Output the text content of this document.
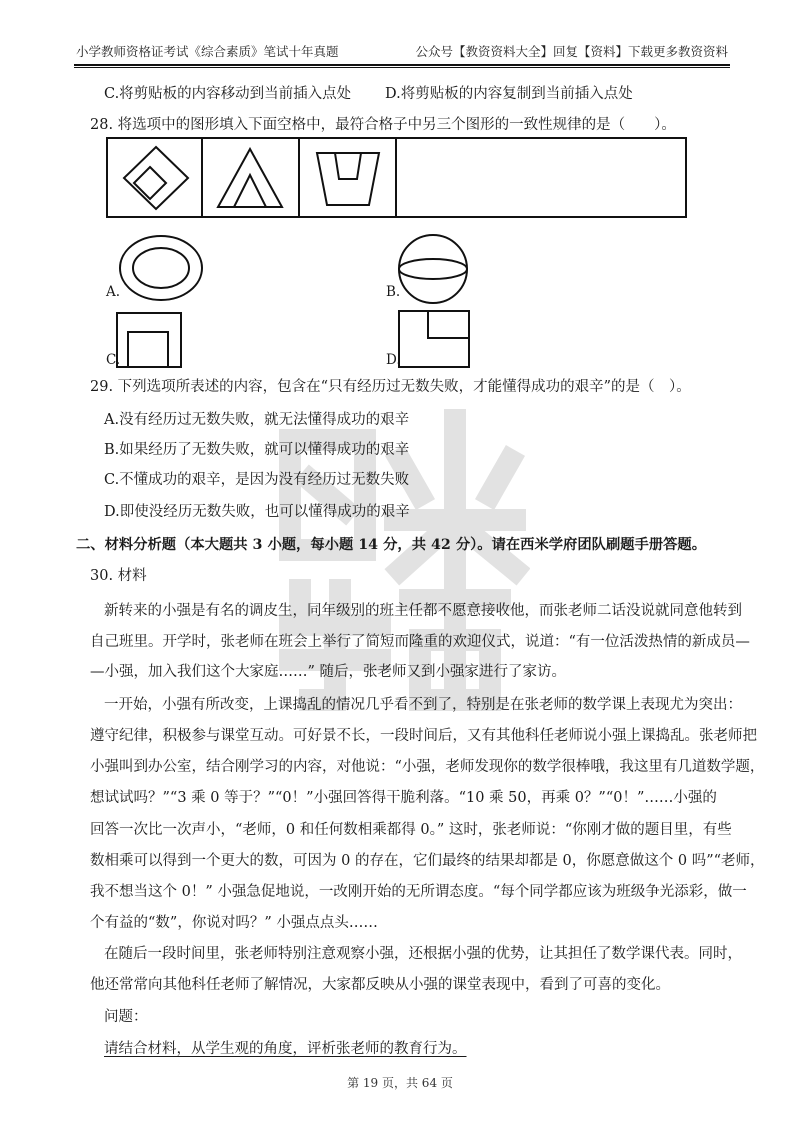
小学教师资格证考试《综合素质》笔试十年真题	公众号【教资资料大全】回复【资料】下载更多教资资料
C.将剪贴板的内容移动到当前插入点处 D.将剪贴板的内容复制到当前插入点处
28. 将选项中的图形填入下面空格中，最符合格子中另三个图形的一致性规律的是（　　）。
A.	B.
C.	D.
29. 下列选项所表述的内容，包含在“只有经历过无数失败，才能懂得成功的艰辛”的是（　）。
A.没有经历过无数失败，就无法懂得成功的艰辛
B.如果经历了无数失败，就可以懂得成功的艰辛
C.不懂成功的艰辛，是因为没有经历过无数失败
D.即使没经历无数失败，也可以懂得成功的艰辛
二、材料分析题（本大题共 3 小题，每小题 14 分，共 42 分）。请在西米学府团队刷题手册答题。
30. 材料
新转来的小强是有名的调皮生，同年级别的班主任都不愿意接收他，而张老师二话没说就同意他转到
自己班里。开学时，张老师在班会上举行了简短而隆重的欢迎仪式，说道：“有一位活泼热情的新成员—
—小强，加入我们这个大家庭……” 随后，张老师又到小强家进行了家访。
一开始，小强有所改变，上课捣乱的情况几乎看不到了，特别是在张老师的数学课上表现尤为突出：
遵守纪律，积极参与课堂互动。可好景不长，一段时间后，又有其他科任老师说小强上课捣乱。张老师把
小强叫到办公室，结合刚学习的内容，对他说：“小强，老师发现你的数学很棒哦，我这里有几道数学题，
想试试吗？”“3 乘 0 等于？”“0！”小强回答得干脆利落。“10 乘 50，再乘 0？”“0！”……小强的
回答一次比一次声小，“老师，0 和任何数相乘都得 0。” 这时，张老师说：“你刚才做的题目里，有些
数相乘可以得到一个更大的数，可因为 0 的存在，它们最终的结果却都是 0，你愿意做这个 0 吗”“老师，
我不想当这个 0！” 小强急促地说，一改刚开始的无所谓态度。“每个同学都应该为班级争光添彩，做一
个有益的“数”，你说对吗？” 小强点点头……
在随后一段时间里，张老师特别注意观察小强，还根据小强的优势，让其担任了数学课代表。同时，
他还常常向其他科任老师了解情况，大家都反映从小强的课堂表现中，看到了可喜的变化。
问题：
请结合材料，从学生观的角度，评析张老师的教育行为。
第 19 页，共 64 页
